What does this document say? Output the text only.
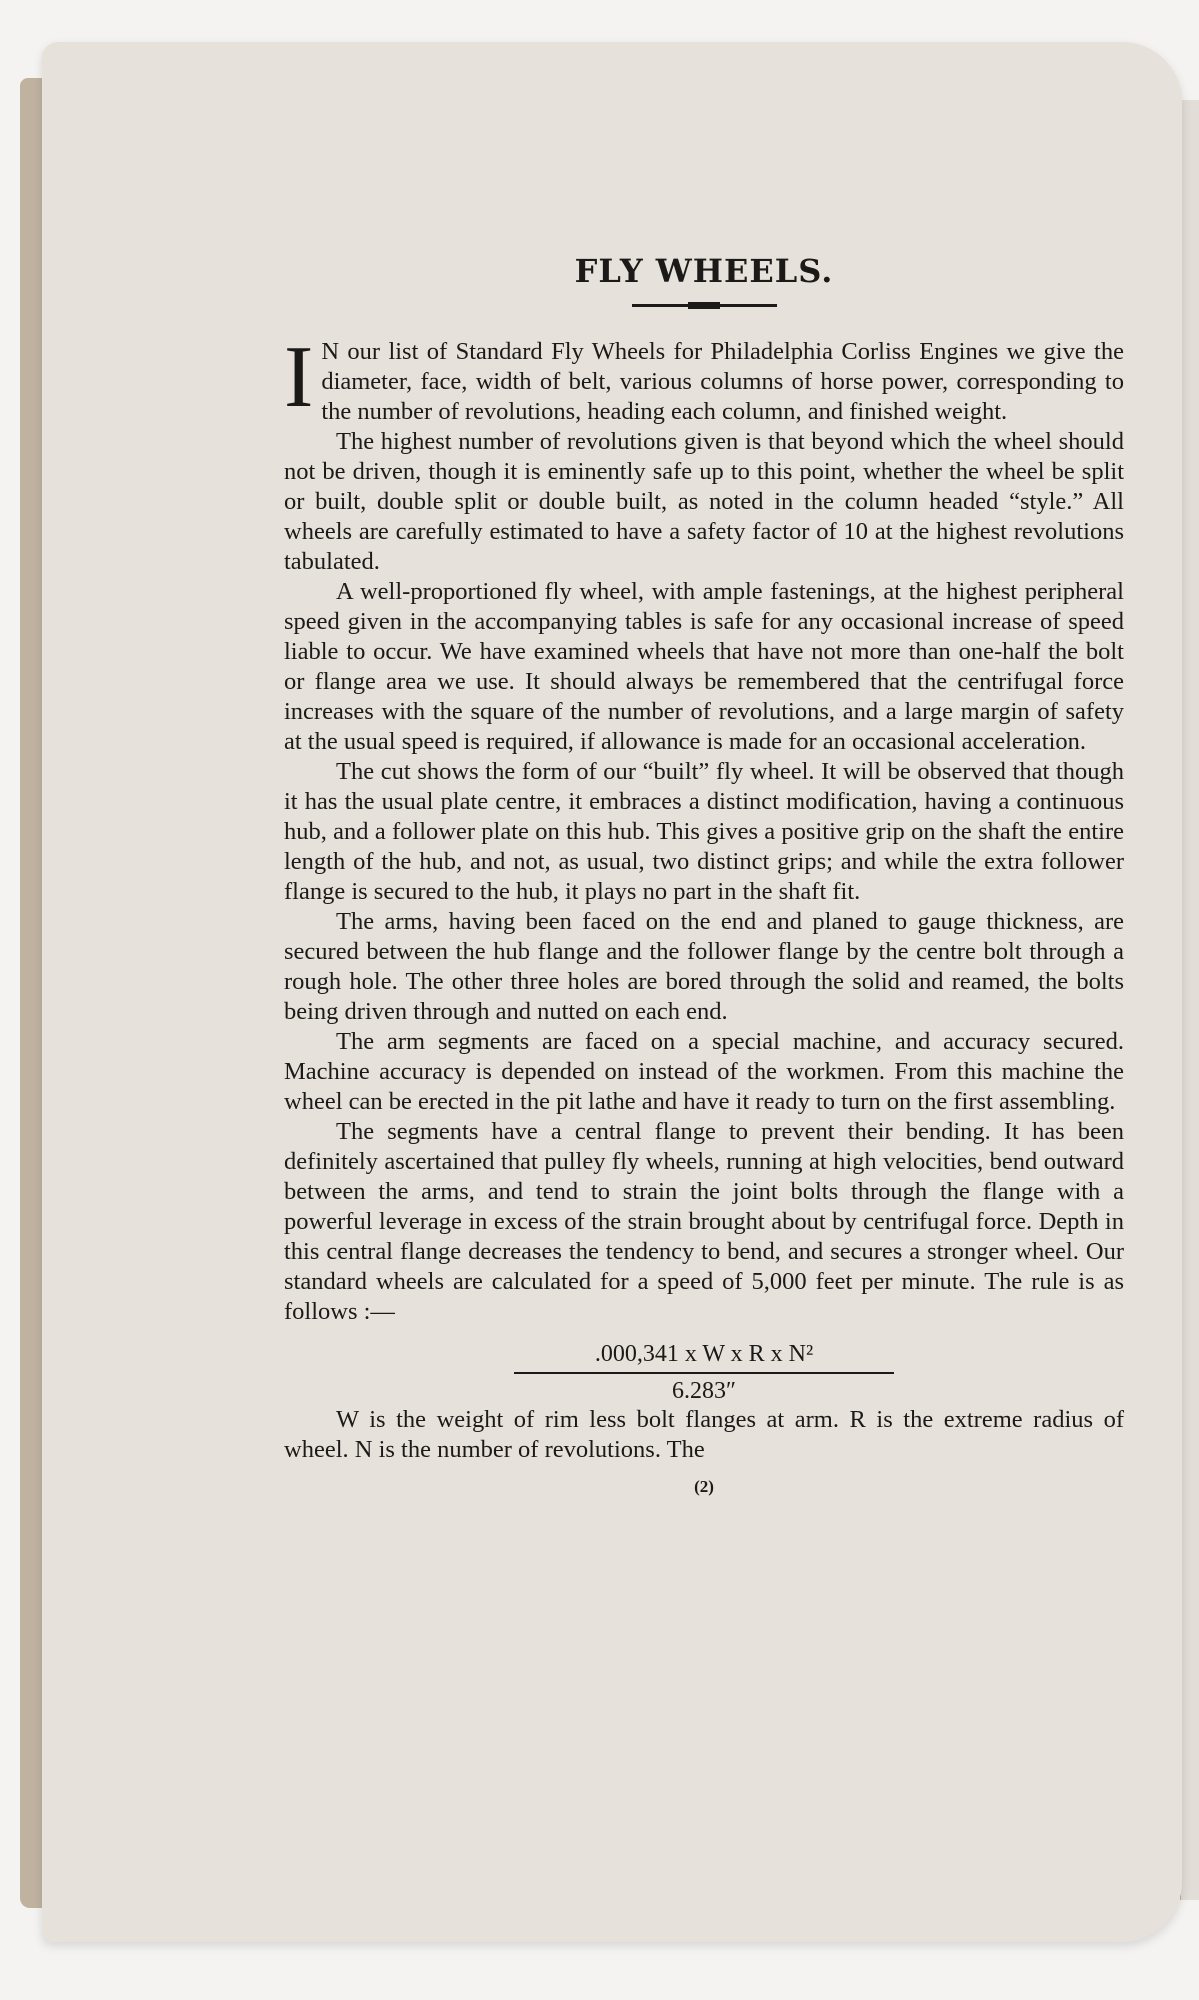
FLY WHEELS.

I N our list of Standard Fly Wheels for Philadelphia Corliss Engines we give the diameter, face, width of belt, various columns of horse power, corresponding to the number of revolutions, heading each column, and finished weight.

The highest number of revolutions given is that beyond which the wheel should not be driven, though it is eminently safe up to this point, whether the wheel be split or built, double split or double built, as noted in the column headed “style.” All wheels are carefully estimated to have a safety factor of 10 at the highest revolutions tabulated.

A well-proportioned fly wheel, with ample fastenings, at the highest peripheral speed given in the accompanying tables is safe for any occasional increase of speed liable to occur. We have examined wheels that have not more than one-half the bolt or flange area we use. It should always be remembered that the centrifugal force increases with the square of the number of revolutions, and a large margin of safety at the usual speed is required, if allowance is made for an occasional acceleration.

The cut shows the form of our “built” fly wheel. It will be observed that though it has the usual plate centre, it embraces a distinct modification, having a continuous hub, and a follower plate on this hub. This gives a positive grip on the shaft the entire length of the hub, and not, as usual, two distinct grips; and while the extra follower flange is secured to the hub, it plays no part in the shaft fit.

The arms, having been faced on the end and planed to gauge thickness, are secured between the hub flange and the follower flange by the centre bolt through a rough hole. The other three holes are bored through the solid and reamed, the bolts being driven through and nutted on each end.

The arm segments are faced on a special machine, and accuracy secured. Machine accuracy is depended on instead of the workmen. From this machine the wheel can be erected in the pit lathe and have it ready to turn on the first assembling.

The segments have a central flange to prevent their bending. It has been definitely ascertained that pulley fly wheels, running at high velocities, bend outward between the arms, and tend to strain the joint bolts through the flange with a powerful leverage in excess of the strain brought about by centrifugal force. Depth in this central flange decreases the tendency to bend, and secures a stronger wheel. Our standard wheels are calculated for a speed of 5,000 feet per minute. The rule is as follows :—

.000,341 x W x R x N²
6.283″

W is the weight of rim less bolt flanges at arm. R is the extreme radius of wheel. N is the number of revolutions. The

(2)
